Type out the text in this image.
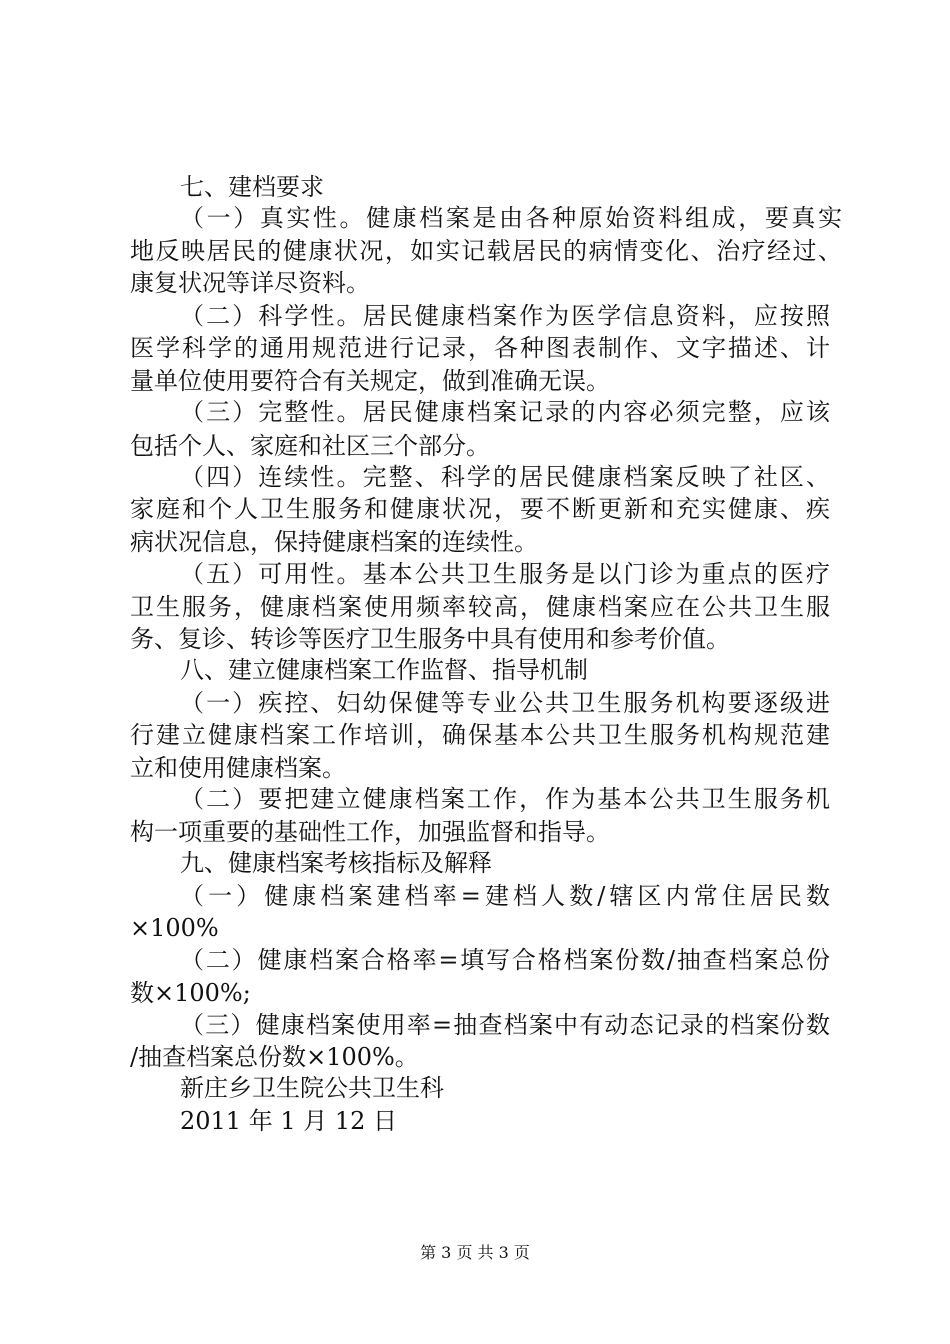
七、建档要求
（一）真实性。健康档案是由各种原始资料组成，要真实
地反映居民的健康状况，如实记载居民的病情变化、治疗经过、
康复状况等详尽资料。
（二）科学性。居民健康档案作为医学信息资料，应按照
医学科学的通用规范进行记录，各种图表制作、文字描述、计
量单位使用要符合有关规定，做到准确无误。
（三）完整性。居民健康档案记录的内容必须完整，应该
包括个人、家庭和社区三个部分。
（四）连续性。完整、科学的居民健康档案反映了社区、
家庭和个人卫生服务和健康状况，要不断更新和充实健康、疾
病状况信息，保持健康档案的连续性。
（五）可用性。基本公共卫生服务是以门诊为重点的医疗
卫生服务，健康档案使用频率较高，健康档案应在公共卫生服
务、复诊、转诊等医疗卫生服务中具有使用和参考价值。
八、建立健康档案工作监督、指导机制
（一）疾控、妇幼保健等专业公共卫生服务机构要逐级进
行建立健康档案工作培训，确保基本公共卫生服务机构规范建
立和使用健康档案。
（二）要把建立健康档案工作，作为基本公共卫生服务机
构一项重要的基础性工作，加强监督和指导。
九、健康档案考核指标及解释
（一）健康档案建档率=建档人数/辖区内常住居民数
×100%
（二）健康档案合格率=填写合格档案份数/抽查档案总份
数×100%;
（三）健康档案使用率=抽查档案中有动态记录的档案份数
/抽查档案总份数×100%。
新庄乡卫生院公共卫生科
2011 年 1 月 12 日
第 3 页 共 3 页
